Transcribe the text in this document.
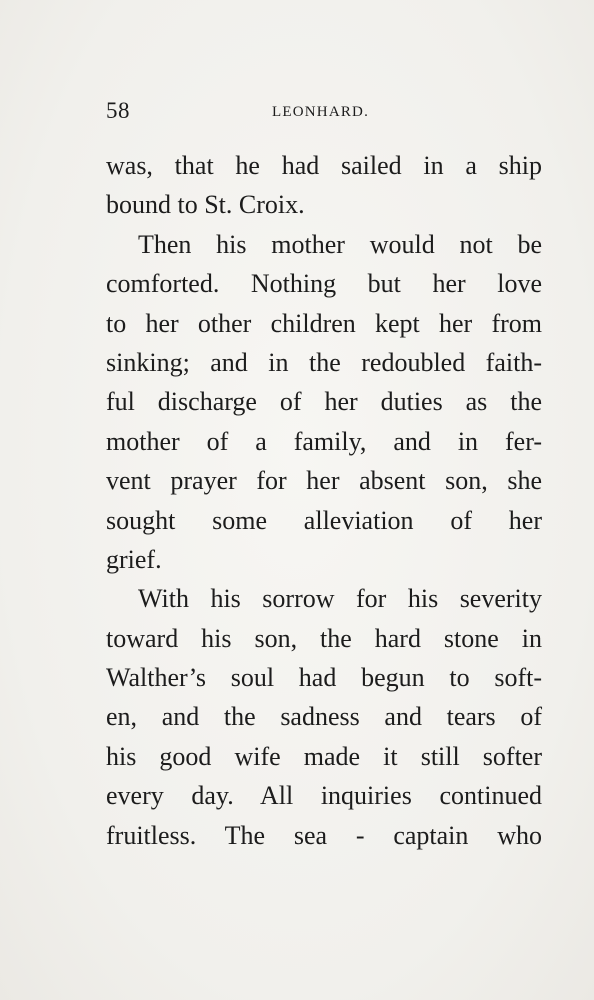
58	LEONHARD.
was, that he had sailed in a ship
bound to St. Croix.
Then his mother would not be
comforted. Nothing but her love
to her other children kept her from
sinking; and in the redoubled faith-
ful discharge of her duties as the
mother of a family, and in fer-
vent prayer for her absent son, she
sought some alleviation of her
grief.
With his sorrow for his severity
toward his son, the hard stone in
Walther’s soul had begun to soft-
en, and the sadness and tears of
his good wife made it still softer
every day. All inquiries continued
fruitless. The sea - captain who
